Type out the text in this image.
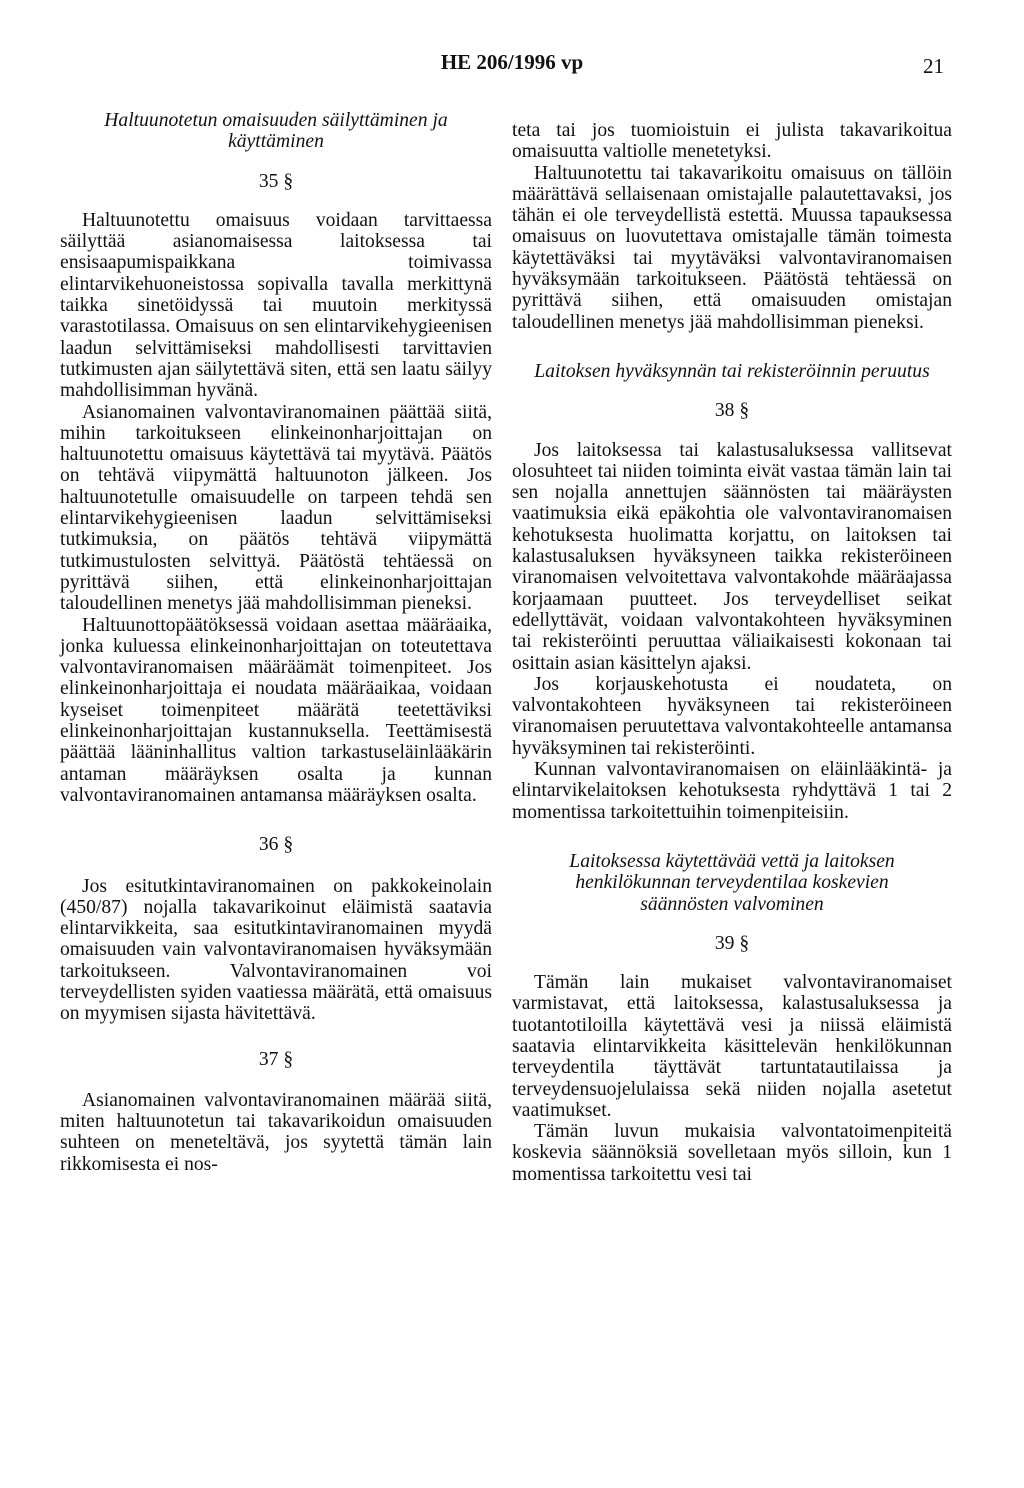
HE 206/1996 vp	21

Haltuunotetun omaisuuden säilyttäminen ja käyttäminen

35 §

Haltuunotettu omaisuus voidaan tarvittaessa säilyttää asianomaisessa laitoksessa tai ensisaapumispaikkana toimivassa elintarvikehuoneistossa sopivalla tavalla merkittynä taikka sinetöidyssä tai muutoin merkityssä varastotilassa. Omaisuus on sen elintarvikehygieenisen laadun selvittämiseksi mahdollisesti tarvittavien tutkimusten ajan säilytettävä siten, että sen laatu säilyy mahdollisimman hyvänä.

Asianomainen valvontaviranomainen päättää siitä, mihin tarkoitukseen elinkeinonharjoittajan on haltuunotettu omaisuus käytettävä tai myytävä. Päätös on tehtävä viipymättä haltuunoton jälkeen. Jos haltuunotetulle omaisuudelle on tarpeen tehdä sen elintarvikehygieenisen laadun selvittämiseksi tutkimuksia, on päätös tehtävä viipymättä tutkimustulosten selvittyä. Päätöstä tehtäessä on pyrittävä siihen, että elinkeinonharjoittajan taloudellinen menetys jää mahdollisimman pieneksi.

Haltuunottopäätöksessä voidaan asettaa määräaika, jonka kuluessa elinkeinonharjoittajan on toteutettava valvontaviranomaisen määräämät toimenpiteet. Jos elinkeinonharjoittaja ei noudata määräaikaa, voidaan kyseiset toimenpiteet määrätä teetettäviksi elinkeinonharjoittajan kustannuksella. Teettämisestä päättää lääninhallitus valtion tarkastuseläinlääkärin antaman määräyksen osalta ja kunnan valvontaviranomainen antamansa määräyksen osalta.

36 §

Jos esitutkintaviranomainen on pakkokeinolain (450/87) nojalla takavarikoinut eläimistä saatavia elintarvikkeita, saa esitutkintaviranomainen myydä omaisuuden vain valvontaviranomaisen hyväksymään tarkoitukseen. Valvontaviranomainen voi terveydellisten syiden vaatiessa määrätä, että omaisuus on myymisen sijasta hävitettävä.

37 §

Asianomainen valvontaviranomainen määrää siitä, miten haltuunotetun tai takavarikoidun omaisuuden suhteen on meneteltävä, jos syytettä tämän lain rikkomisesta ei nos-

teta tai jos tuomioistuin ei julista takavarikoitua omaisuutta valtiolle menetetyksi.

Haltuunotettu tai takavarikoitu omaisuus on tällöin määrättävä sellaisenaan omistajalle palautettavaksi, jos tähän ei ole terveydellistä estettä. Muussa tapauksessa omaisuus on luovutettava omistajalle tämän toimesta käytettäväksi tai myytäväksi valvontaviranomaisen hyväksymään tarkoitukseen. Päätöstä tehtäessä on pyrittävä siihen, että omaisuuden omistajan taloudellinen menetys jää mahdollisimman pieneksi.

Laitoksen hyväksynnän tai rekisteröinnin peruutus

38 §

Jos laitoksessa tai kalastusaluksessa vallitsevat olosuhteet tai niiden toiminta eivät vastaa tämän lain tai sen nojalla annettujen säännösten tai määräysten vaatimuksia eikä epäkohtia ole valvontaviranomaisen kehotuksesta huolimatta korjattu, on laitoksen tai kalastusaluksen hyväksyneen taikka rekisteröineen viranomaisen velvoitettava valvontakohde määräajassa korjaamaan puutteet. Jos terveydelliset seikat edellyttävät, voidaan valvontakohteen hyväksyminen tai rekisteröinti peruuttaa väliaikaisesti kokonaan tai osittain asian käsittelyn ajaksi.

Jos korjauskehotusta ei noudateta, on valvontakohteen hyväksyneen tai rekisteröineen viranomaisen peruutettava valvontakohteelle antamansa hyväksyminen tai rekisteröinti.

Kunnan valvontaviranomaisen on eläinlääkintä- ja elintarvikelaitoksen kehotuksesta ryhdyttävä 1 tai 2 momentissa tarkoitettuihin toimenpiteisiin.

Laitoksessa käytettävää vettä ja laitoksen henkilökunnan terveydentilaa koskevien säännösten valvominen

39 §

Tämän lain mukaiset valvontaviranomaiset varmistavat, että laitoksessa, kalastusaluksessa ja tuotantotiloilla käytettävä vesi ja niissä eläimistä saatavia elintarvikkeita käsittelevän henkilökunnan terveydentila täyttävät tartuntatautilaissa ja terveydensuojelulaissa sekä niiden nojalla asetetut vaatimukset.

Tämän luvun mukaisia valvontatoimenpiteitä koskevia säännöksiä sovelletaan myös silloin, kun 1 momentissa tarkoitettu vesi tai
